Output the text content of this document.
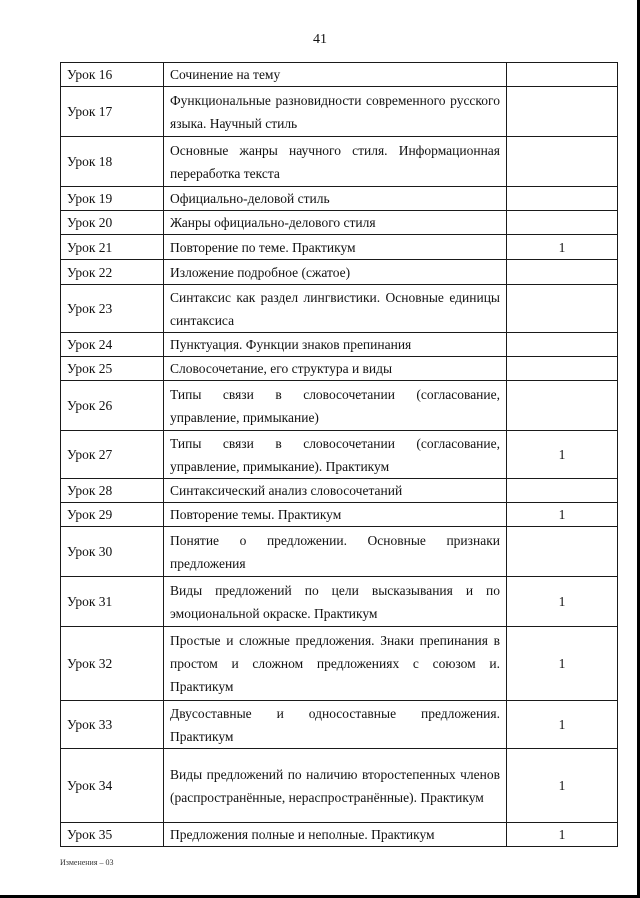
41
Урок 16	Сочинение на тему	
Урок 17	Функциональные разновидности современного русского языка. Научный стиль	
Урок 18	Основные жанры научного стиля. Информационная переработка текста	
Урок 19	Официально-деловой стиль	
Урок 20	Жанры официально-делового стиля	
Урок 21	Повторение по теме. Практикум	1
Урок 22	Изложение подробное (сжатое)	
Урок 23	Синтаксис как раздел лингвистики. Основные единицы синтаксиса	
Урок 24	Пунктуация. Функции знаков препинания	
Урок 25	Словосочетание, его структура и виды	
Урок 26	Типы связи в словосочетании (согласование, управление, примыкание)	
Урок 27	Типы связи в словосочетании (согласование, управление, примыкание). Практикум	1
Урок 28	Синтаксический анализ словосочетаний	
Урок 29	Повторение темы. Практикум	1
Урок 30	Понятие о предложении. Основные признаки предложения	
Урок 31	Виды предложений по цели высказывания и по эмоциональной окраске. Практикум	1
Урок 32	Простые и сложные предложения. Знаки препинания в простом и сложном предложениях с союзом и. Практикум	1
Урок 33	Двусоставные и односоставные предложения. Практикум	1
Урок 34	Виды предложений по наличию второстепенных членов (распространённые, нераспространённые). Практикум	1
Урок 35	Предложения полные и неполные. Практикум	1
Изменения – 03
